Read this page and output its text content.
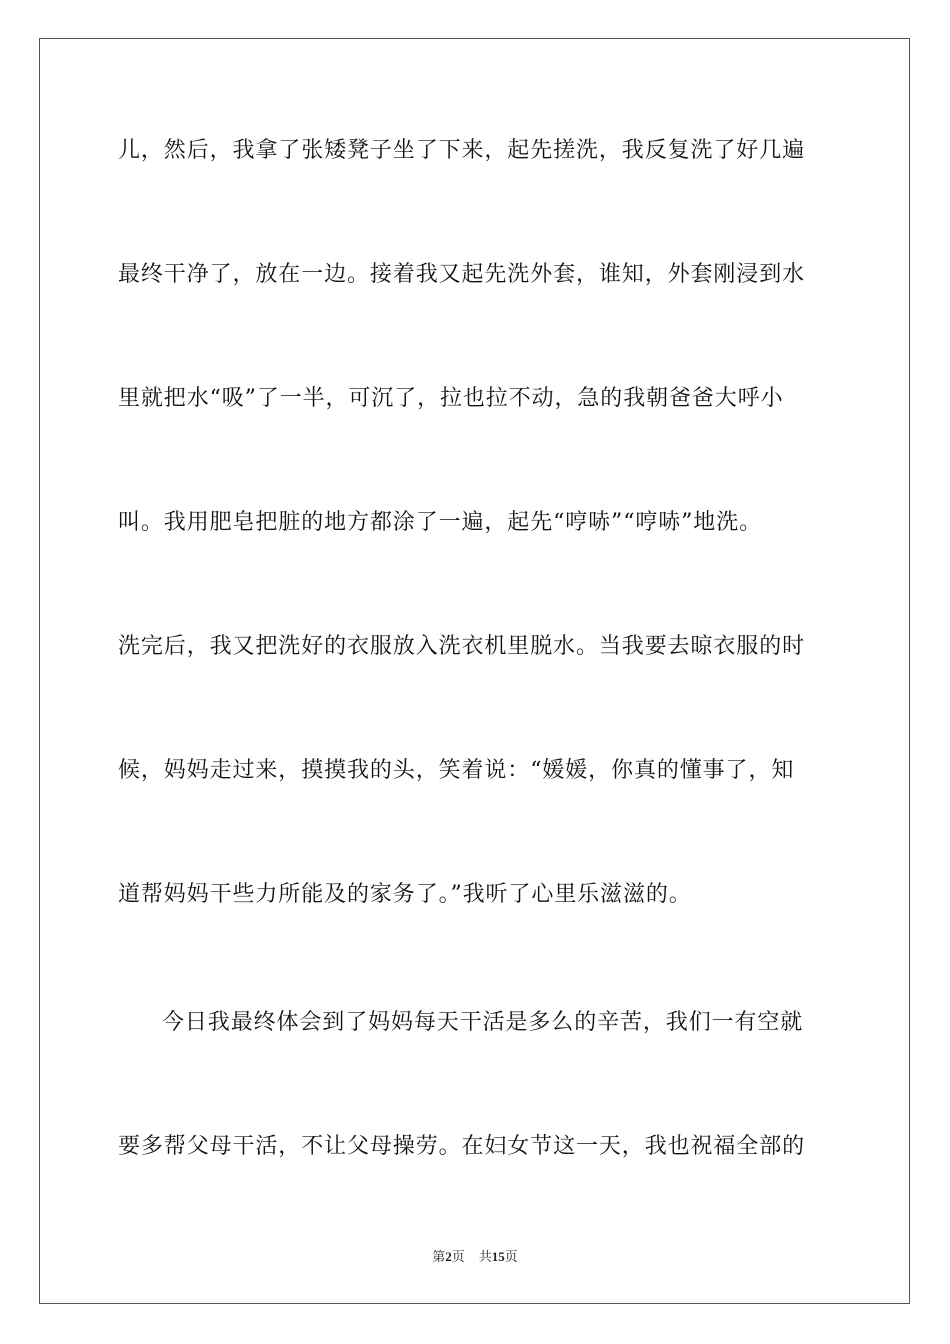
儿，然后，我拿了张矮凳子坐了下来，起先搓洗，我反复洗了好几遍
最终干净了，放在一边。接着我又起先洗外套，谁知，外套刚浸到水
里就把水“吸”了一半，可沉了，拉也拉不动，急的我朝爸爸大呼小
叫。我用肥皂把脏的地方都涂了一遍，起先“哼哧”“哼哧”地洗。
洗完后，我又把洗好的衣服放入洗衣机里脱水。当我要去晾衣服的时
候，妈妈走过来，摸摸我的头，笑着说：“媛媛，你真的懂事了，知
道帮妈妈干些力所能及的家务了。”我听了心里乐滋滋的。
今日我最终体会到了妈妈每天干活是多么的辛苦，我们一有空就
要多帮父母干活，不让父母操劳。在妇女节这一天，我也祝福全部的
第2页 共15页
